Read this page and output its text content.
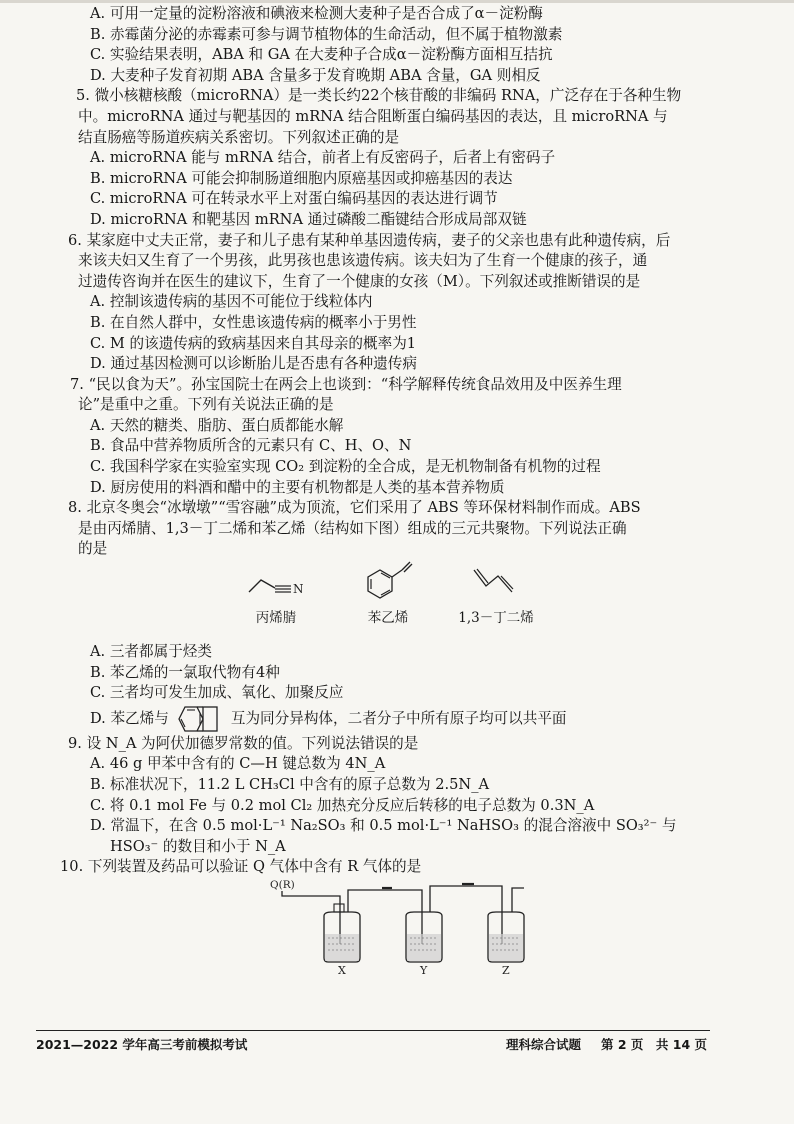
A. 可用一定量的淀粉溶液和碘液来检测大麦种子是否合成了α－淀粉酶
B. 赤霉菌分泌的赤霉素可参与调节植物体的生命活动，但不属于植物激素
C. 实验结果表明，ABA 和 GA 在大麦种子合成α－淀粉酶方面相互拮抗
D. 大麦种子发育初期 ABA 含量多于发育晚期 ABA 含量，GA 则相反
5. 微小核糖核酸（microRNA）是一类长约22个核苷酸的非编码 RNA，广泛存在于各种生物
中。microRNA 通过与靶基因的 mRNA 结合阻断蛋白编码基因的表达，且 microRNA 与
结直肠癌等肠道疾病关系密切。下列叙述正确的是
A. microRNA 能与 mRNA 结合，前者上有反密码子，后者上有密码子
B. microRNA 可能会抑制肠道细胞内原癌基因或抑癌基因的表达
C. microRNA 可在转录水平上对蛋白编码基因的表达进行调节
D. microRNA 和靶基因 mRNA 通过磷酸二酯键结合形成局部双链
6. 某家庭中丈夫正常，妻子和儿子患有某种单基因遗传病，妻子的父亲也患有此种遗传病，后
来该夫妇又生育了一个男孩，此男孩也患该遗传病。该夫妇为了生育一个健康的孩子，通
过遗传咨询并在医生的建议下，生育了一个健康的女孩（M）。下列叙述或推断错误的是
A. 控制该遗传病的基因不可能位于线粒体内
B. 在自然人群中，女性患该遗传病的概率小于男性
C. M 的该遗传病的致病基因来自其母亲的概率为1
D. 通过基因检测可以诊断胎儿是否患有各种遗传病
7. “民以食为天”。孙宝国院士在两会上也谈到：“科学解释传统食品效用及中医养生理
论”是重中之重。下列有关说法正确的是
A. 天然的糖类、脂肪、蛋白质都能水解
B. 食品中营养物质所含的元素只有 C、H、O、N
C. 我国科学家在实验室实现 CO₂ 到淀粉的全合成，是无机物制备有机物的过程
D. 厨房使用的料酒和醋中的主要有机物都是人类的基本营养物质
8. 北京冬奥会“冰墩墩”“雪容融”成为顶流，它们采用了 ABS 等环保材料制作而成。ABS
是由丙烯腈、1,3－丁二烯和苯乙烯（结构如下图）组成的三元共聚物。下列说法正确
的是
N
丙烯腈	苯乙烯	1,3－丁二烯
A. 三者都属于烃类
B. 苯乙烯的一氯取代物有4种
C. 三者均可发生加成、氧化、加聚反应
D. 苯乙烯与	互为同分异构体，二者分子中所有原子均可以共平面
9. 设 N_A 为阿伏加德罗常数的值。下列说法错误的是
A. 46 g 甲苯中含有的 C—H 键总数为 4N_A
B. 标准状况下，11.2 L CH₃Cl 中含有的原子总数为 2.5N_A
C. 将 0.1 mol Fe 与 0.2 mol Cl₂ 加热充分反应后转移的电子总数为 0.3N_A
D. 常温下，在含 0.5 mol·L⁻¹ Na₂SO₃ 和 0.5 mol·L⁻¹ NaHSO₃ 的混合溶液中 SO₃²⁻ 与
HSO₃⁻ 的数目和小于 N_A
10. 下列装置及药品可以验证 Q 气体中含有 R 气体的是
Q(R)
X	Y	Z
2021—2022 学年高三考前模拟考试	理科综合试题 第 2 页　共 14 页
